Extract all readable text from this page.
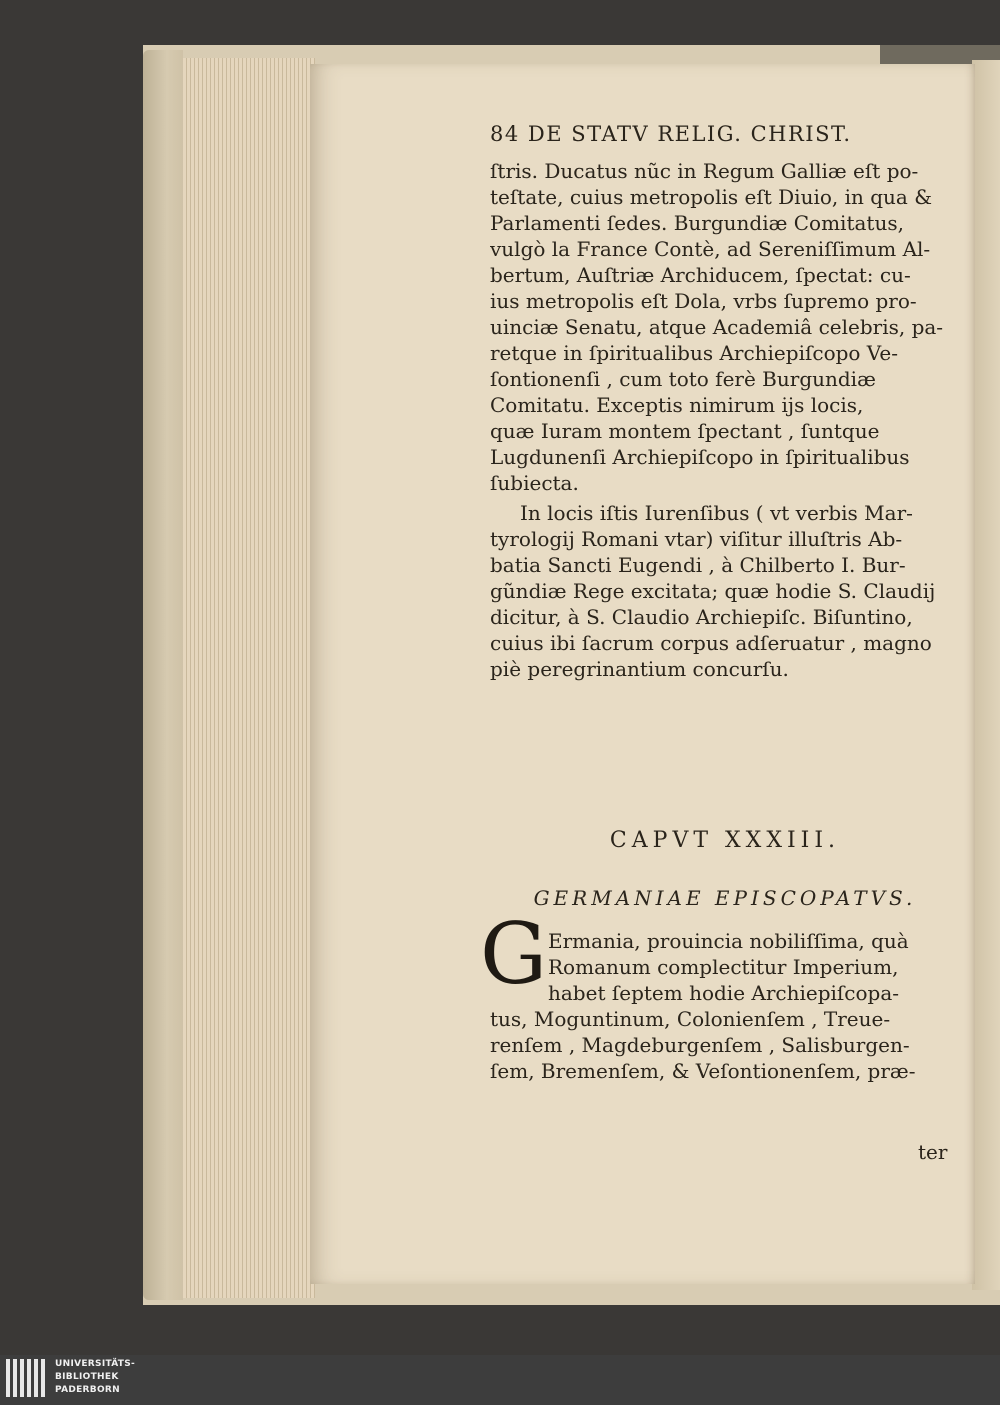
84 DE STATV RELIG. CHRIST.
ſtris. Ducatus nũc in Regum Galliæ eſt po-
teſtate, cuius metropolis eſt Diuio, in qua &
Parlamenti ſedes. Burgundiæ Comitatus,
vulgò la France Contè, ad Sereniſſimum Al-
bertum, Auſtriæ Archiducem, ſpectat: cu-
ius metropolis eſt Dola, vrbs ſupremo pro-
uinciæ Senatu, atque Academiâ celebris, pa-
retque in ſpiritualibus Archiepiſcopo Ve-
ſontionenſi , cum toto ferè Burgundiæ
Comitatu. Exceptis nimirum ijs locis,
quæ Iuram montem ſpectant , ſuntque
Lugdunenſi Archiepiſcopo in ſpiritualibus
ſubiecta.
In locis iſtis Iurenſibus ( vt verbis Mar-
tyrologij Romani vtar) viſitur illuſtris Ab-
batia Sancti Eugendi , à Chilberto I. Bur-
gũndiæ Rege excitata; quæ hodie S. Claudij
dicitur, à S. Claudio Archiepiſc. Biſuntino,
cuius ibi ſacrum corpus adſeruatur , magno
piè peregrinantium concurſu.
CAPVT XXXIII.
GERMANIAE EPISCOPATVS.
G Ermania, prouincia nobiliſſima, quà
Romanum complectitur Imperium,
habet ſeptem hodie Archiepiſcopa-
tus, Moguntinum, Colonienſem , Treue-
renſem , Magdeburgenſem , Salisburgen-
ſem, Bremenſem, & Veſontionenſem, præ-
ter
UNIVERSITÄTS-
BIBLIOTHEK
PADERBORN
